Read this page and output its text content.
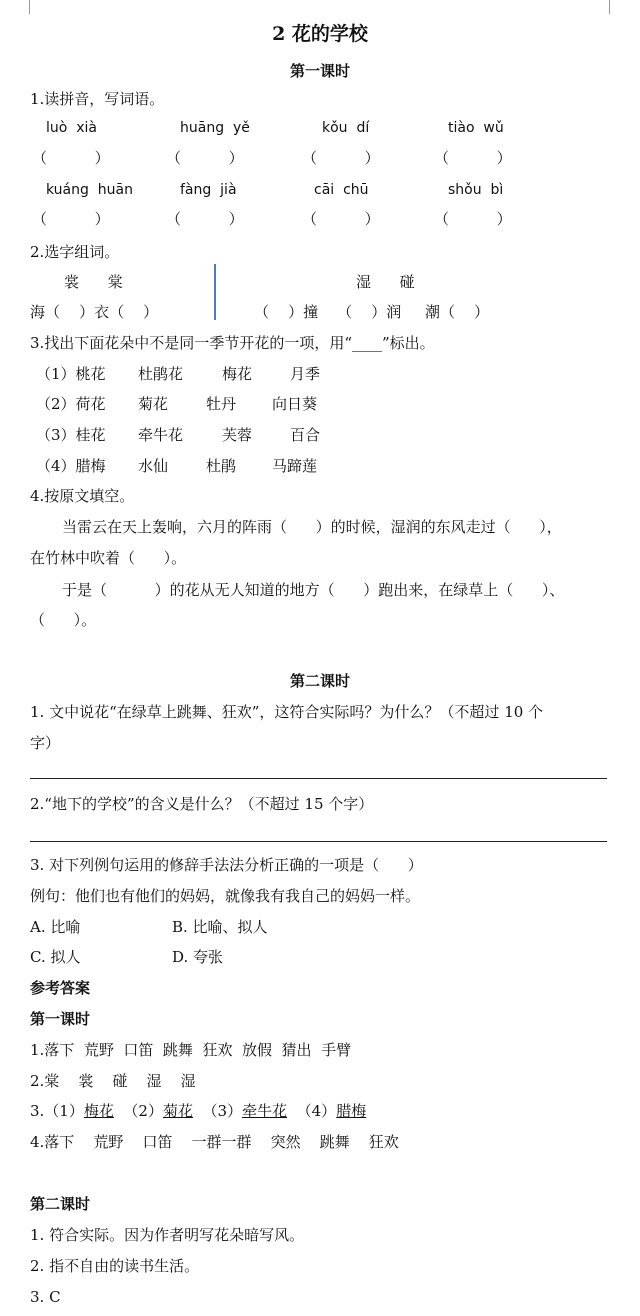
2 花的学校
第一课时
1.读拼音，写词语。
luò  xià	huāng  yě	kǒu  dí	tiào  wǔ
（          ）	（          ）	（          ）	（          ）
kuáng  huān	fàng  jià	cāi  chū	shǒu  bì
（          ）	（          ）	（          ）	（          ）
2.选字组词。
裳      棠	湿      碰
海（    ）衣（    ）	（    ）撞    （    ）润     潮（    ）
3.找出下面花朵中不是同一季节开花的一项，用“____”标出。
（1）桃花 杜鹃花	梅花	月季
（2）荷花 菊花	牡丹 向日葵
（3）桂花 牵牛花	芙蓉	百合
（4）腊梅 水仙	杜鹃 马蹄莲
4.按原文填空。
当雷云在天上轰响，六月的阵雨（      ）的时候，湿润的东风走过（      ），
在竹林中吹着（      ）。
于是（          ）的花从无人知道的地方（      ）跑出来，在绿草上（      ）、
（      ）。
第二课时
1. 文中说花“在绿草上跳舞、狂欢”，这符合实际吗？为什么？（不超过 10 个
字）
2.“地下的学校”的含义是什么？（不超过 15 个字）
3. 对下列例句运用的修辞手法法分析正确的一项是（      ）
例句：他们也有他们的妈妈，就像我有我自己的妈妈一样。
A. 比喻	B. 比喻、拟人
C. 拟人	D. 夸张
参考答案
第一课时
1.落下  荒野  口笛  跳舞  狂欢  放假  猜出  手臂
2.棠    裳    碰    湿    湿
3.（1）梅花 （2）菊花 （3）牵牛花 （4）腊梅
4.落下    荒野    口笛    一群一群    突然    跳舞    狂欢
第二课时
1. 符合实际。因为作者明写花朵暗写风。
2. 指不自由的读书生活。
3. C
